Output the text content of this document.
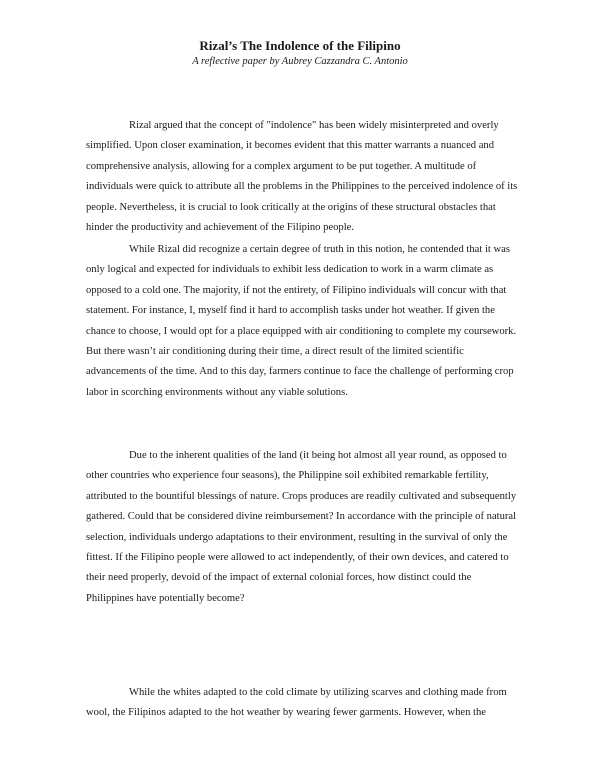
Rizal’s The Indolence of the Filipino
A reflective paper by Aubrey Cazzandra C. Antonio

Rizal argued that the concept of "indolence" has been widely misinterpreted and overly simplified. Upon closer examination, it becomes evident that this matter warrants a nuanced and comprehensive analysis, allowing for a complex argument to be put together. A multitude of individuals were quick to attribute all the problems in the Philippines to the perceived indolence of its people. Nevertheless, it is crucial to look critically at the origins of these structural obstacles that hinder the productivity and achievement of the Filipino people.

While Rizal did recognize a certain degree of truth in this notion, he contended that it was only logical and expected for individuals to exhibit less dedication to work in a warm climate as opposed to a cold one. The majority, if not the entirety, of Filipino individuals will concur with that statement. For instance, I, myself find it hard to accomplish tasks under hot weather. If given the chance to choose, I would opt for a place equipped with air conditioning to complete my coursework. But there wasn’t air conditioning during their time, a direct result of the limited scientific advancements of the time. And to this day, farmers continue to face the challenge of performing crop labor in scorching environments without any viable solutions.

Due to the inherent qualities of the land (it being hot almost all year round, as opposed to other countries who experience four seasons), the Philippine soil exhibited remarkable fertility, attributed to the bountiful blessings of nature. Crops produces are readily cultivated and subsequently gathered. Could that be considered divine reimbursement? In accordance with the principle of natural selection, individuals undergo adaptations to their environment, resulting in the survival of only the fittest. If the Filipino people were allowed to act independently, of their own devices, and catered to their need properly, devoid of the impact of external colonial forces, how distinct could the Philippines have potentially become?

While the whites adapted to the cold climate by utilizing scarves and clothing made from wool, the Filipinos adapted to the hot weather by wearing fewer garments. However, when the
